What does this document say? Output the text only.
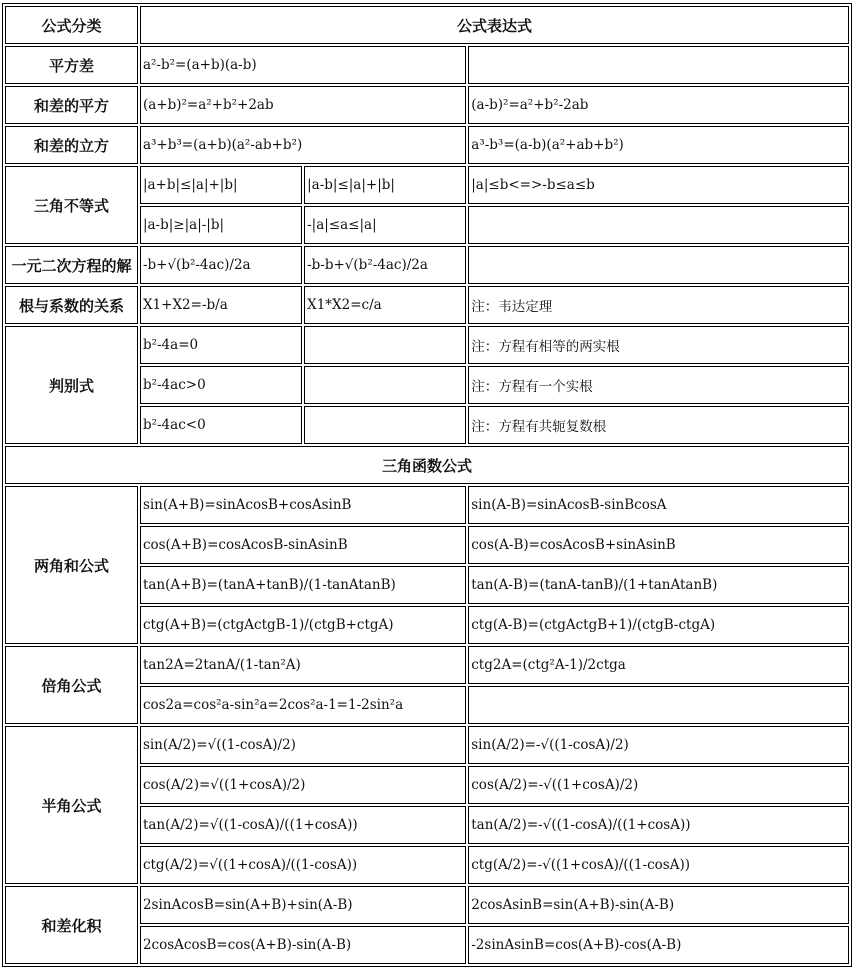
公式分类	公式表达式		
平方差	a²-b²=(a+b)(a-b)		
和差的平方	(a+b)²=a²+b²+2ab		(a-b)²=a²+b²-2ab
和差的立方	a³+b³=(a+b)(a²-ab+b²)		a³-b³=(a-b)(a²+ab+b²)
三角不等式	|a+b|≤|a|+|b|	|a-b|≤|a|+|b|	|a|≤b<=>-b≤a≤b
	|a-b|≥|a|-|b|	-|a|≤a≤|a|	
一元二次方程的解	-b+√(b²-4ac)/2a	-b-b+√(b²-4ac)/2a	
根与系数的关系	X1+X2=-b/a	X1*X2=c/a	注：韦达定理
判别式	b²-4a=0		注：方程有相等的两实根
	b²-4ac>0		注：方程有一个实根
	b²-4ac<0		注：方程有共轭复数根
三角函数公式			
两角和公式	sin(A+B)=sinAcosB+cosAsinB		sin(A-B)=sinAcosB-sinBcosA
	cos(A+B)=cosAcosB-sinAsinB		cos(A-B)=cosAcosB+sinAsinB
	tan(A+B)=(tanA+tanB)/(1-tanAtanB)		tan(A-B)=(tanA-tanB)/(1+tanAtanB)
	ctg(A+B)=(ctgActgB-1)/(ctgB+ctgA)		ctg(A-B)=(ctgActgB+1)/(ctgB-ctgA)
倍角公式	tan2A=2tanA/(1-tan²A)		ctg2A=(ctg²A-1)/2ctga
	cos2a=cos²a-sin²a=2cos²a-1=1-2sin²a		
半角公式	sin(A/2)=√((1-cosA)/2)		sin(A/2)=-√((1-cosA)/2)
	cos(A/2)=√((1+cosA)/2)		cos(A/2)=-√((1+cosA)/2)
	tan(A/2)=√((1-cosA)/((1+cosA))		tan(A/2)=-√((1-cosA)/((1+cosA))
	ctg(A/2)=√((1+cosA)/((1-cosA))		ctg(A/2)=-√((1+cosA)/((1-cosA))
和差化积	2sinAcosB=sin(A+B)+sin(A-B)		2cosAsinB=sin(A+B)-sin(A-B)
	2cosAcosB=cos(A+B)-sin(A-B)		-2sinAsinB=cos(A+B)-cos(A-B)
